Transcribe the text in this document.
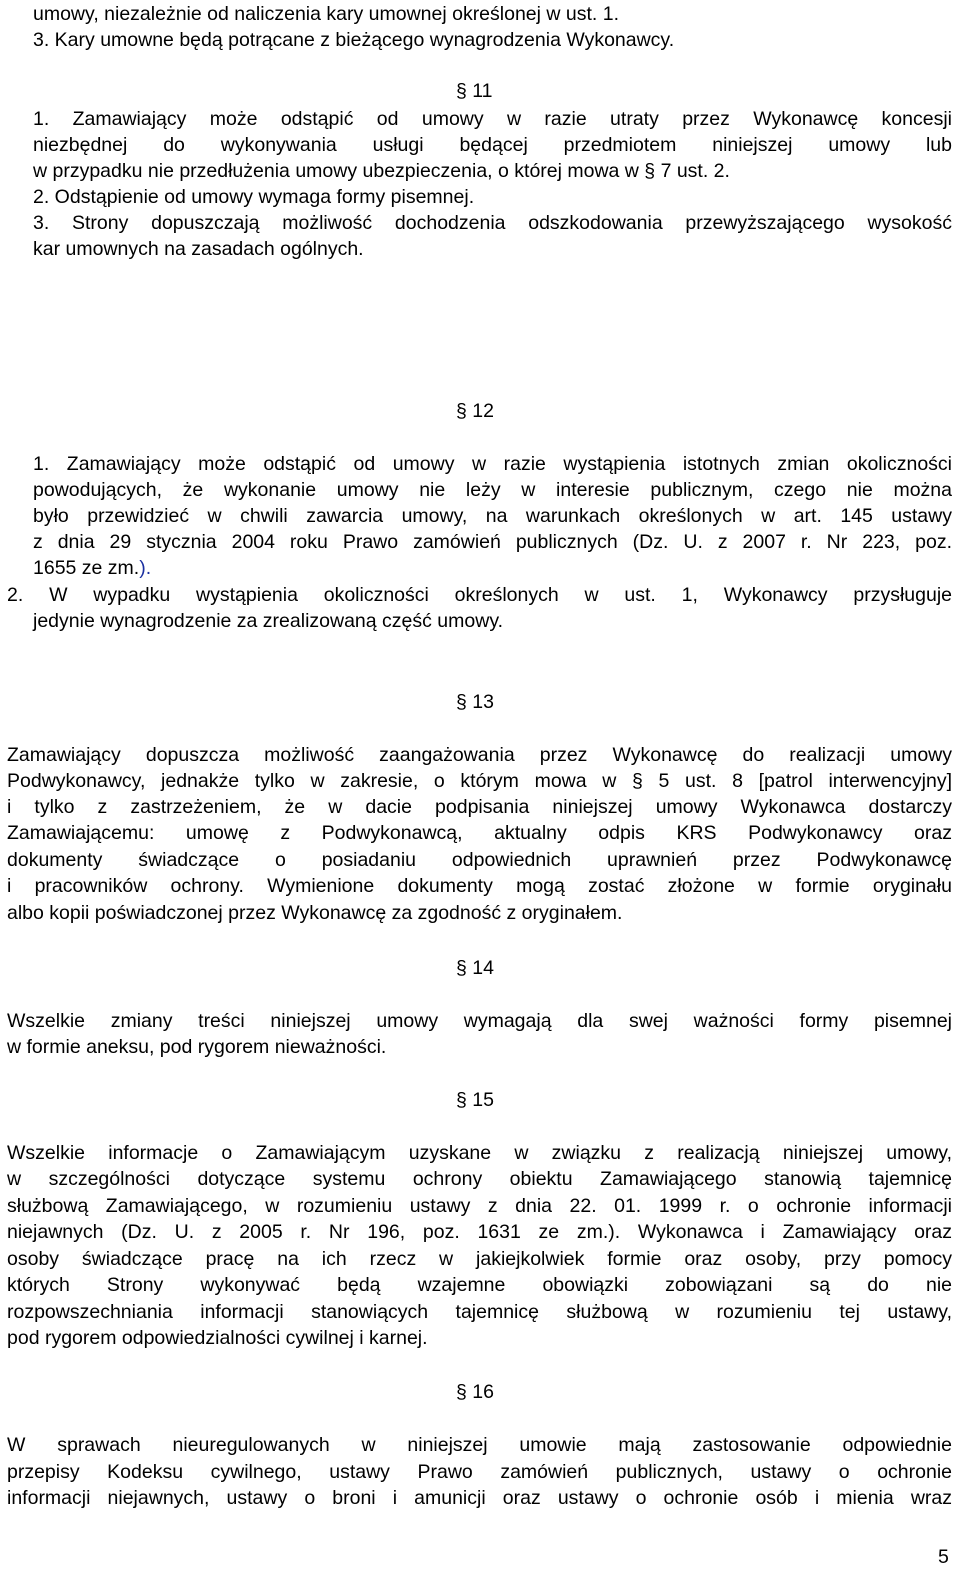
umowy, niezależnie od naliczenia kary umownej określonej w ust. 1.
3. Kary umowne będą potrącane z bieżącego wynagrodzenia Wykonawcy.
§ 11
1. Zamawiający może odstąpić od umowy w razie utraty przez Wykonawcę koncesji
niezbędnej do wykonywania usługi będącej przedmiotem niniejszej umowy lub
w przypadku nie przedłużenia umowy ubezpieczenia, o której mowa w § 7 ust. 2.
2. Odstąpienie od umowy wymaga formy pisemnej.
3. Strony dopuszczają możliwość dochodzenia odszkodowania przewyższającego wysokość
kar umownych na zasadach ogólnych.
§ 12
1. Zamawiający może odstąpić od umowy w razie wystąpienia istotnych zmian okoliczności
powodujących, że wykonanie umowy nie leży w interesie publicznym, czego nie można
było przewidzieć w chwili zawarcia umowy, na warunkach określonych w art. 145 ustawy
z dnia 29 stycznia 2004 roku Prawo zamówień publicznych (Dz. U. z 2007 r. Nr 223, poz.
1655 ze zm.).
2. W wypadku wystąpienia okoliczności określonych w ust. 1, Wykonawcy przysługuje
jedynie wynagrodzenie za zrealizowaną część umowy.
§ 13
Zamawiający dopuszcza możliwość zaangażowania przez Wykonawcę do realizacji umowy
Podwykonawcy, jednakże tylko w zakresie, o którym mowa w § 5 ust. 8 [patrol interwencyjny]
i tylko z zastrzeżeniem, że w dacie podpisania niniejszej umowy Wykonawca dostarczy
Zamawiającemu: umowę z Podwykonawcą, aktualny odpis KRS Podwykonawcy oraz
dokumenty świadczące o posiadaniu odpowiednich uprawnień przez Podwykonawcę
i pracowników ochrony. Wymienione dokumenty mogą zostać złożone w formie oryginału
albo kopii poświadczonej przez Wykonawcę za zgodność z oryginałem.
§ 14
Wszelkie zmiany treści niniejszej umowy wymagają dla swej ważności formy pisemnej
w formie aneksu, pod rygorem nieważności.
§ 15
Wszelkie informacje o Zamawiającym uzyskane w związku z realizacją niniejszej umowy,
w szczególności dotyczące systemu ochrony obiektu Zamawiającego stanowią tajemnicę
służbową Zamawiającego, w rozumieniu ustawy z dnia 22. 01. 1999 r. o ochronie informacji
niejawnych (Dz. U. z 2005 r. Nr 196, poz. 1631 ze zm.). Wykonawca i Zamawiający oraz
osoby świadczące pracę na ich rzecz w jakiejkolwiek formie oraz osoby, przy pomocy
których Strony wykonywać będą wzajemne obowiązki zobowiązani są do nie
rozpowszechniania informacji stanowiących tajemnicę służbową w rozumieniu tej ustawy,
pod rygorem odpowiedzialności cywilnej i karnej.
§ 16
W sprawach nieuregulowanych w niniejszej umowie mają zastosowanie odpowiednie
przepisy Kodeksu cywilnego, ustawy Prawo zamówień publicznych, ustawy o ochronie
informacji niejawnych, ustawy o broni i amunicji oraz ustawy o ochronie osób i mienia wraz
5
